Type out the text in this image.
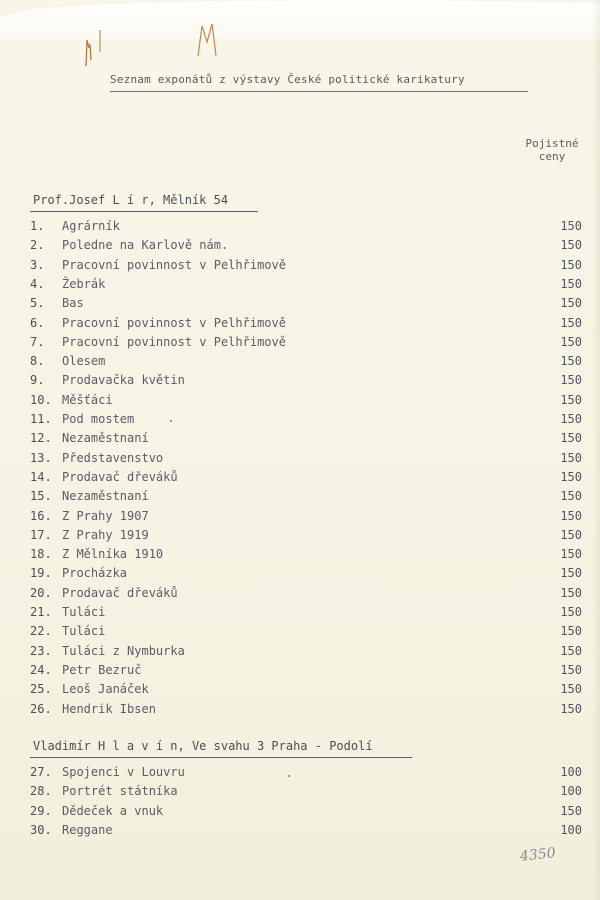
Seznam exponátů z výstavy České politické karikatury
Pojistné
ceny
Prof.Josef L í r, Mělník 54
Vladimír H l a v í n, Ve svahu 3 Praha - Podolí
1.	Agrárník	150
2.	Poledne na Karlově nám.	150
3.	Pracovní povinnost v Pelhřimově	150
4.	Žebrák	150
5.	Bas	150
6.	Pracovní povinnost v Pelhřimově	150
7.	Pracovní povinnost v Pelhřimově	150
8.	Olesem	150
9.	Prodavačka květin	150
10. Měšťáci	150
11. Pod mostem	150
12. Nezaměstnaní	150
13. Představenstvo	150
14. Prodavač dřeváků	150
15. Nezaměstnaní	150
16. Z Prahy 1907	150
17. Z Prahy 1919	150
18. Z Mělníka 1910	150
19. Procházka	150
20. Prodavač dřeváků	150
21. Tuláci	150
22. Tuláci	150
23. Tuláci z Nymburka	150
24. Petr Bezruč	150
25. Leoš Janáček	150
26. Hendrik Ibsen	150
27. Spojenci v Louvru	100
28. Portrét státníka	100
29. Dědeček a vnuk	150
30. Reggane	100
4350
